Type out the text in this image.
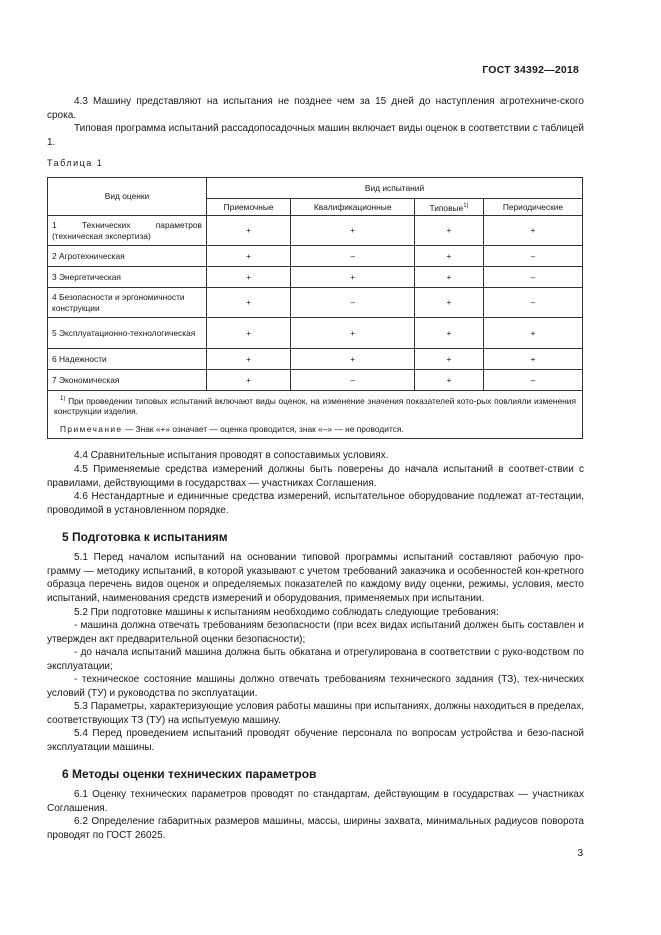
ГОСТ 34392—2018
4.3 Машину представляют на испытания не позднее чем за 15 дней до наступления агротехниче-ского срока.
Типовая программа испытаний рассадопосадочных машин включает виды оценок в соответствии с таблицей 1.
Таблица 1
Вид оценки	Вид испытаний			
	Приемочные	Квалификационные	Типовые$^{1)}$	Периодические
1 Технических параметров (техническая экспертиза)	+	+	+	+
2 Агротехническая	+	–	+	–
3 Энергетическая	+	+	+	–
4 Безопасности и эргономичности конструкции	+	–	+	–
5 Эксплуатационно-технологическая	+	+	+	+
6 Надежности	+	+	+	+
7 Экономическая	+	–	+	–

$^{1)}$ При проведении типовых испытаний включают виды оценок, на изменение значения показателей кото-рых повлияли изменения конструкции изделия.
Примечание — Знак «+» означает — оценка проводится, знак «–» — не проводится.				
4.4 Сравнительные испытания проводят в сопоставимых условиях.
4.5 Применяемые средства измерений должны быть поверены до начала испытаний в соответ-ствии с правилами, действующими в государствах — участниках Соглашения.
4.6 Нестандартные и единичные средства измерений, испытательное оборудование подлежат ат-тестации, проводимой в установленном порядке.
5 Подготовка к испытаниям
5.1 Перед началом испытаний на основании типовой программы испытаний составляют рабочую про-грамму — методику испытаний, в которой указывают с учетом требований заказчика и особенностей кон-кретного образца перечень видов оценок и определяемых показателей по каждому виду оценки, режимы, условия, место испытаний, наименования средств измерений и оборудования, применяемых при испытании.
5.2 При подготовке машины к испытаниям необходимо соблюдать следующие требования:
- машина должна отвечать требованиям безопасности (при всех видах испытаний должен быть составлен и утвержден акт предварительной оценки безопасности);
- до начала испытаний машина должна быть обкатана и отрегулирована в соответствии с руко-водством по эксплуатации;
- техническое состояние машины должно отвечать требованиям технического задания (ТЗ), тех-нических условий (ТУ) и руководства по эксплуатации.
5.3 Параметры, характеризующие условия работы машины при испытаниях, должны находиться в пределах, соответствующих ТЗ (ТУ) на испытуемую машину.
5.4 Перед проведением испытаний проводят обучение персонала по вопросам устройства и безо-пасной эксплуатации машины.
6 Методы оценки технических параметров
6.1 Оценку технических параметров проводят по стандартам, действующим в государствах — участниках Соглашения.
6.2 Определение габаритных размеров машины, массы, ширины захвата, минимальных радиусов поворота проводят по ГОСТ 26025.
3
